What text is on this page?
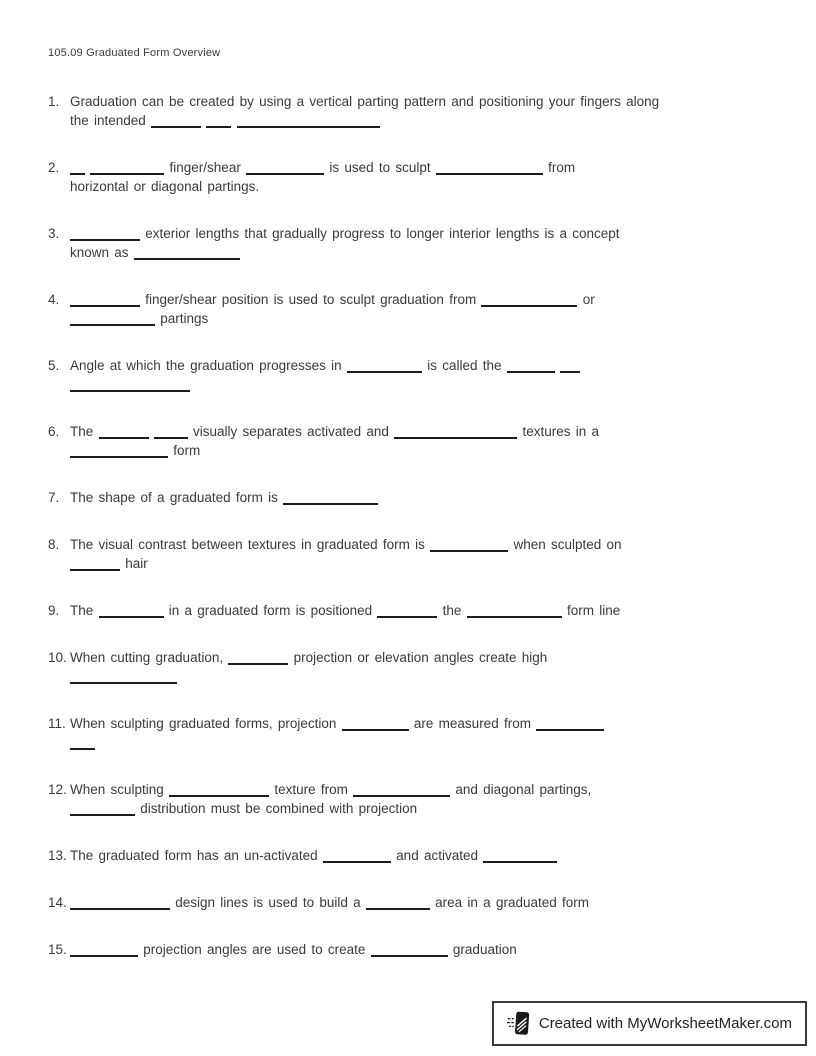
105.09 Graduated Form Overview
1. Graduation can be created by using a vertical parting pattern and positioning your fingers along
the intended
2.	finger/shear	is used to sculpt	from
horizontal or diagonal partings.
3.	exterior lengths that gradually progress to longer interior lengths is a concept
known as
4.	finger/shear position is used to sculpt graduation from	or
partings
5. Angle at which the graduation progresses in	is called the

6. The	visually separates activated and	textures in a
form
7. The shape of a graduated form is
8. The visual contrast between textures in graduated form is	when sculpted on
hair
9. The	in a graduated form is positioned	the	form line
10. When cutting graduation,	projection or elevation angles create high

11. When sculpting graduated forms, projection	are measured from

12. When sculpting	texture from	and diagonal partings,
distribution must be combined with projection
13. The graduated form has an un-activated	and activated
14.	design lines is used to build a	area in a graduated form
15.	projection angles are used to create	graduation
Created with MyWorksheetMaker.com
